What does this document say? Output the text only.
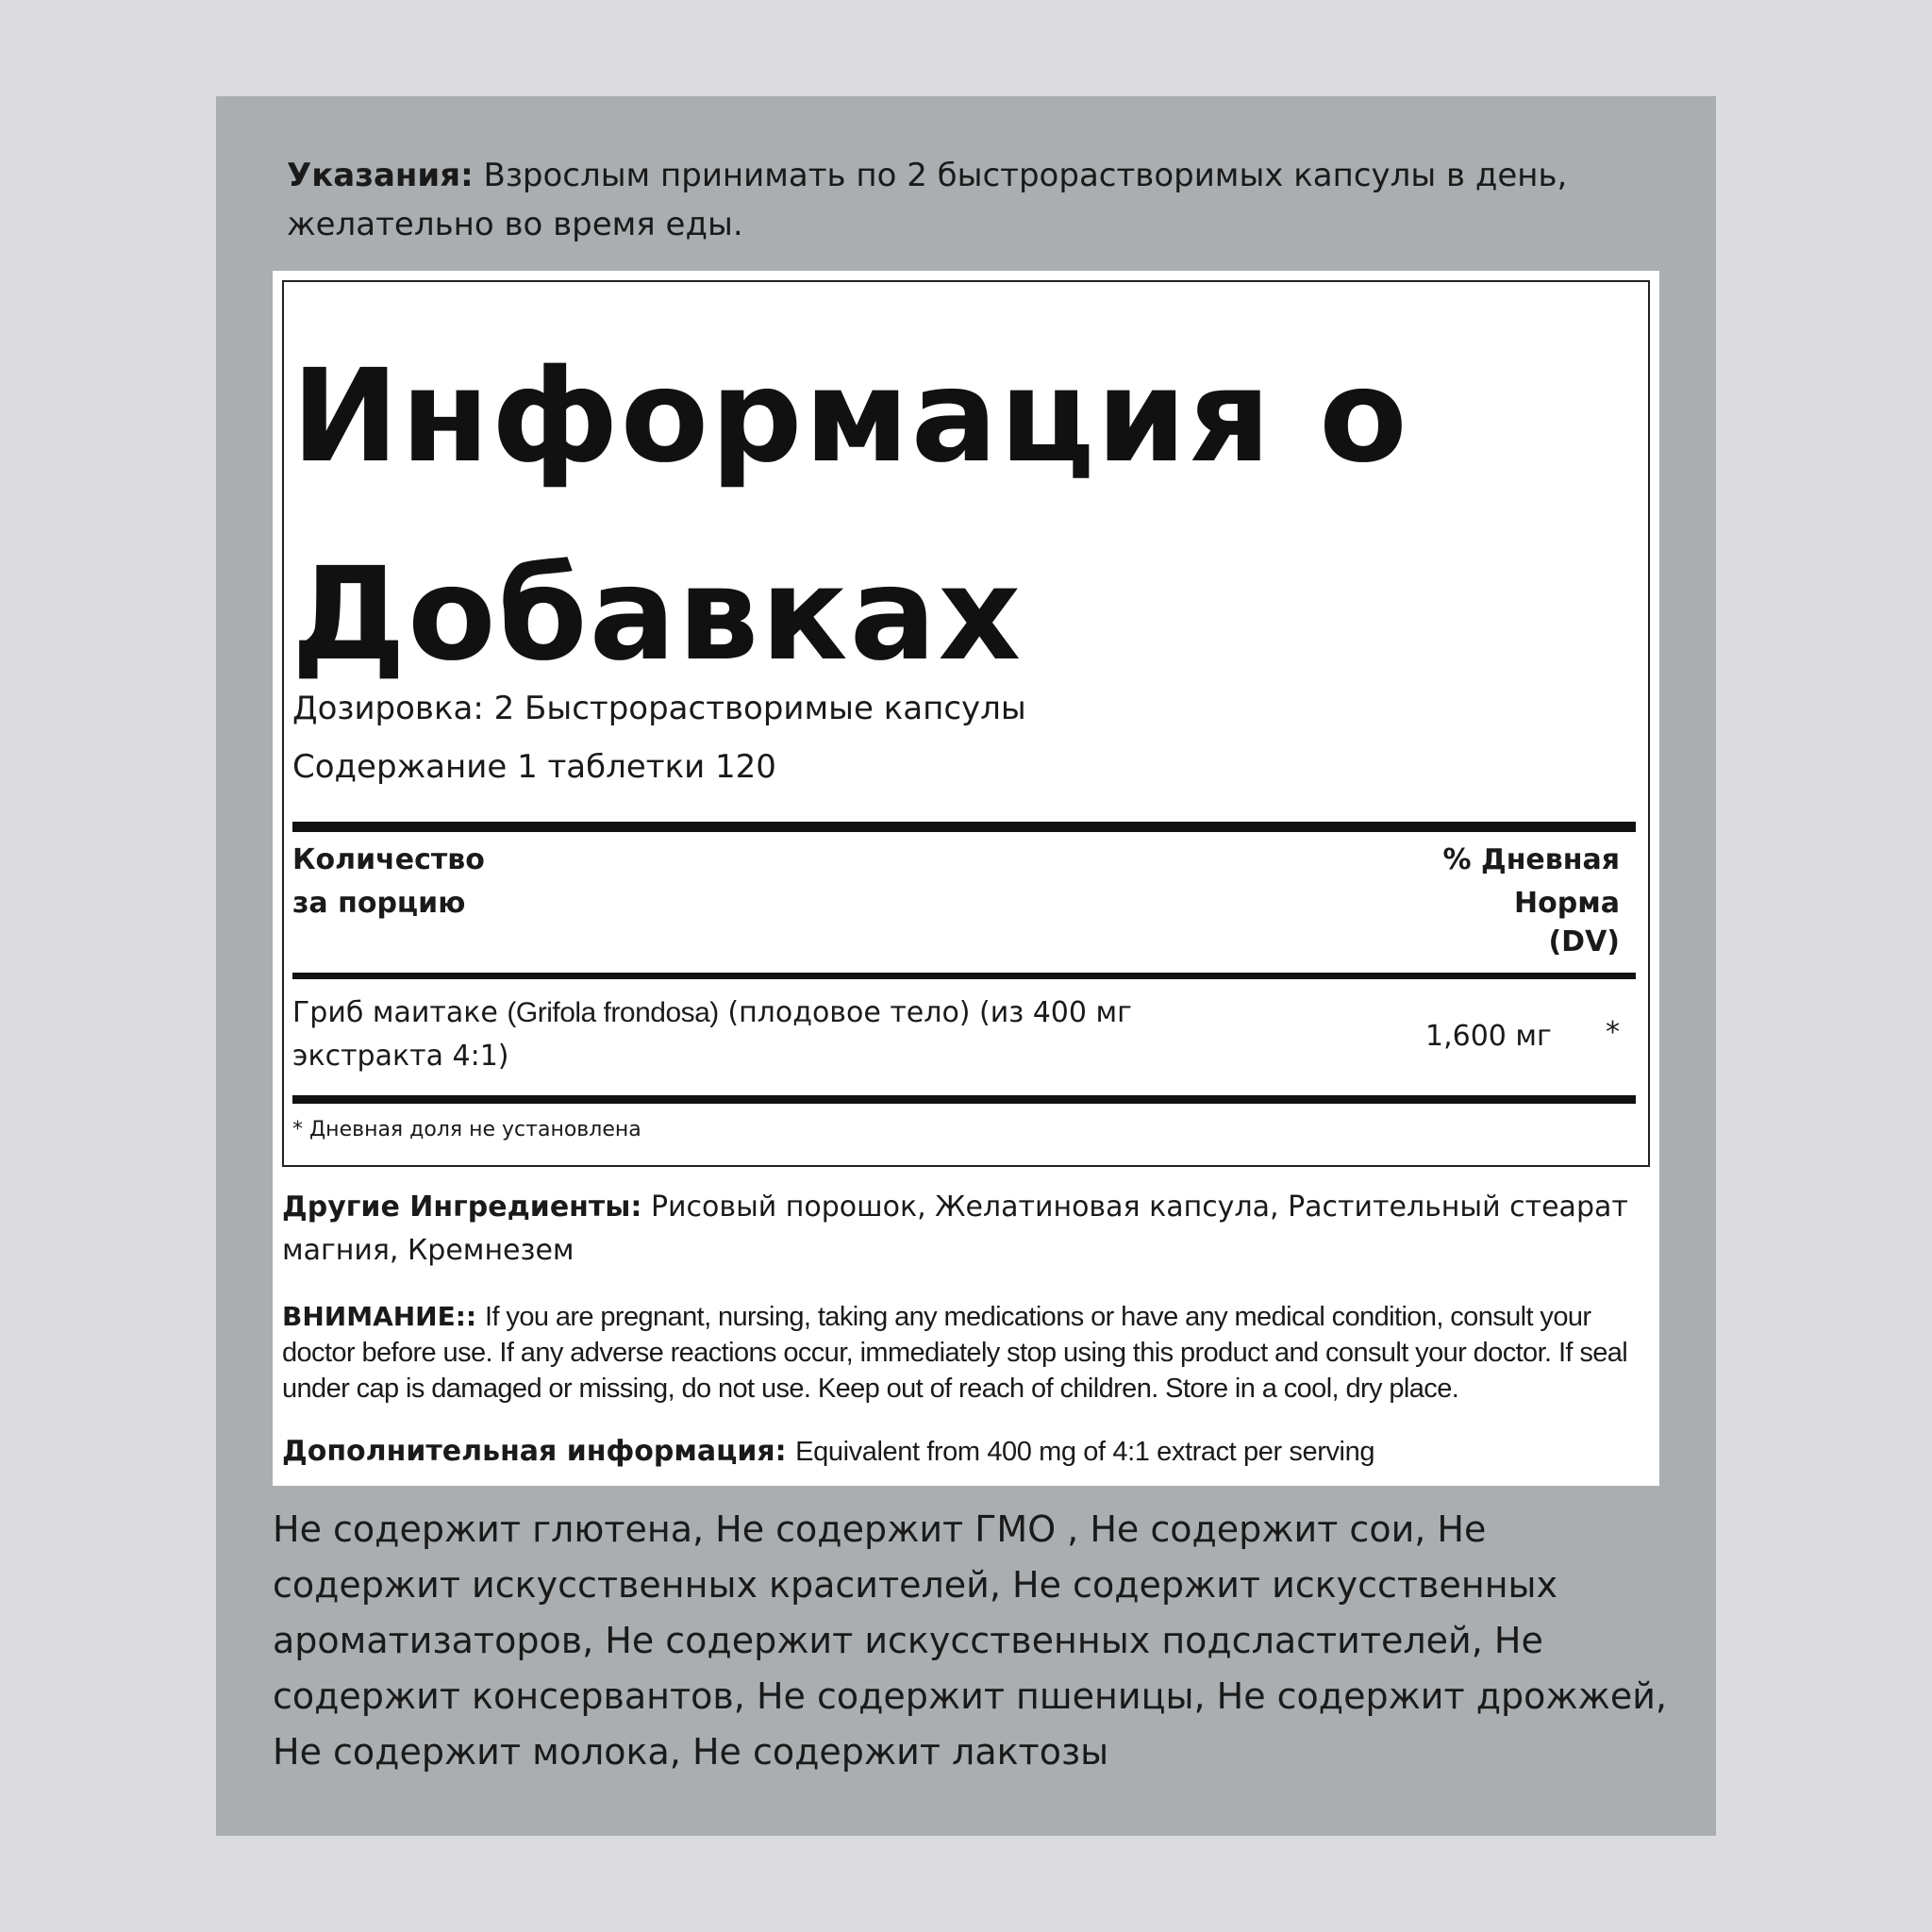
Указания: Взрослым принимать по 2 быстрорастворимых капсулы в день, желательно во время еды.
Информация о Добавках
Дозировка: 2 Быстрорастворимые капсулы
Содержание 1 таблетки 120
Количество
за порцию
% Дневная
Норма
(DV)
Гриб маитаке (Grifola frondosa) (плодовое тело) (из 400 мг
экстракта 4:1)
1,600 мг *
* Дневная доля не установлена
Другие Ингредиенты: Рисовый порошок, Желатиновая капсула, Растительный стеарат магния, Кремнезем
ВНИМАНИЕ:: If you are pregnant, nursing, taking any medications or have any medical condition, consult your doctor before use. If any adverse reactions occur, immediately stop using this product and consult your doctor. If seal under cap is damaged or missing, do not use. Keep out of reach of children. Store in a cool, dry place.
Дополнительная информация: Equivalent from 400 mg of 4:1 extract per serving
Не содержит глютена, Не содержит ГМО , Не содержит сои, Не содержит искусственных красителей, Не содержит искусственных ароматизаторов, Не содержит искусственных подсластителей, Не содержит консервантов, Не содержит пшеницы, Не содержит дрожжей, Не содержит молока, Не содержит лактозы
